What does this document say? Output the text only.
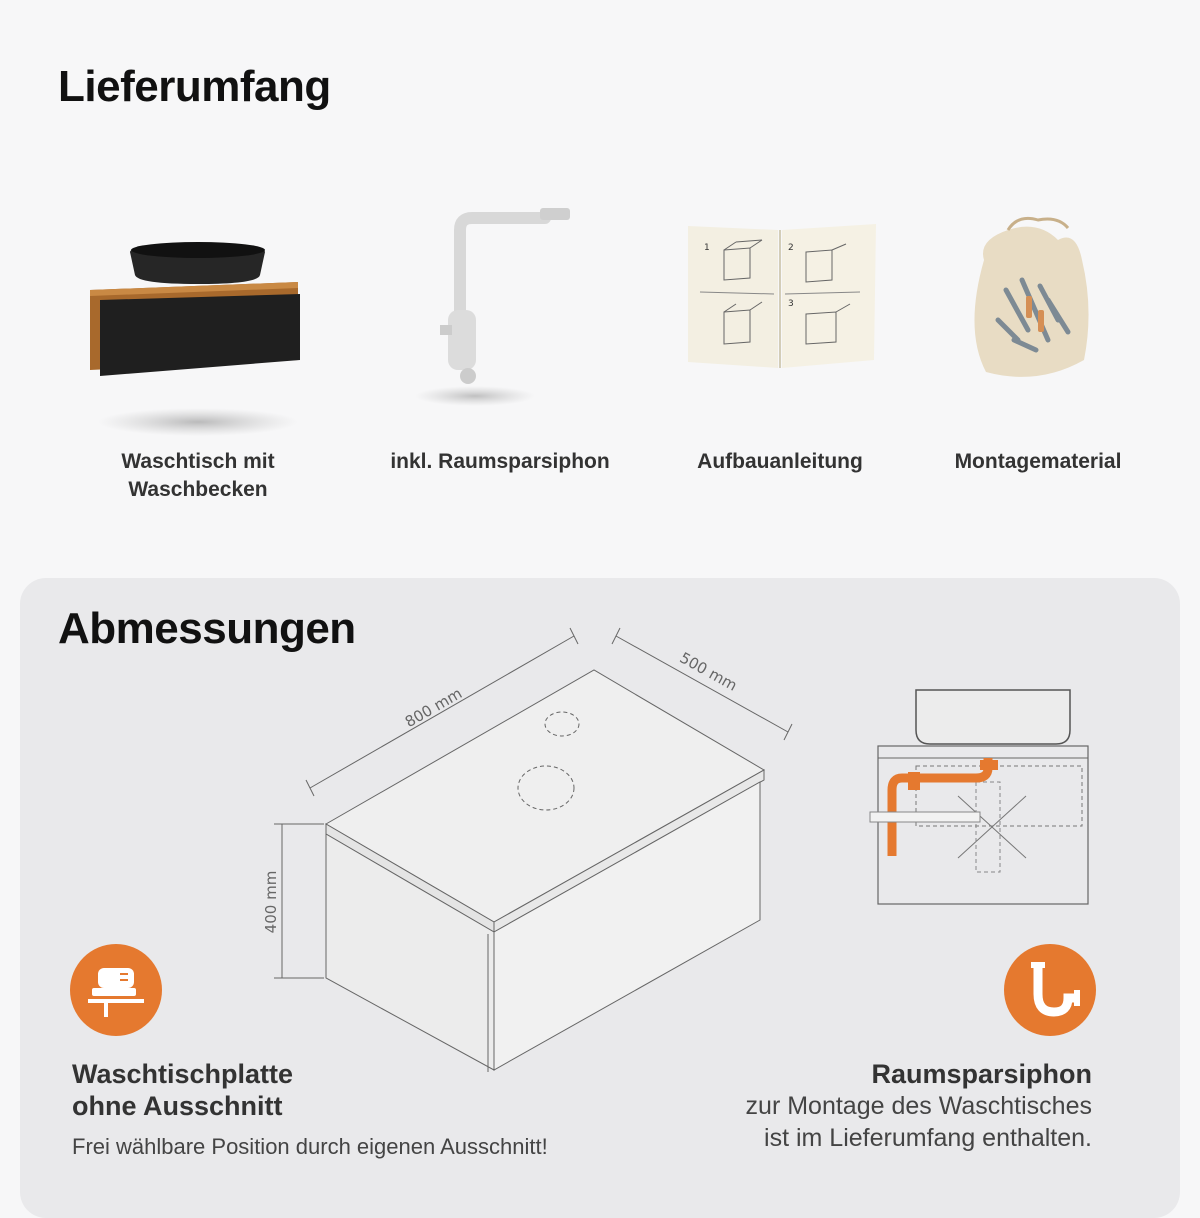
Lieferumfang
Waschtisch mit
Waschbecken
inkl. Raumsparsiphon
1	2
3
Aufbauanleitung	Montagematerial
Abmessungen
800 mm
500 mm
400 mm
Waschtischplatte
ohne Ausschnitt
Frei wählbare Position durch eigenen Ausschnitt!
Raumsparsiphon
zur Montage des Waschtisches
ist im Lieferumfang enthalten.
